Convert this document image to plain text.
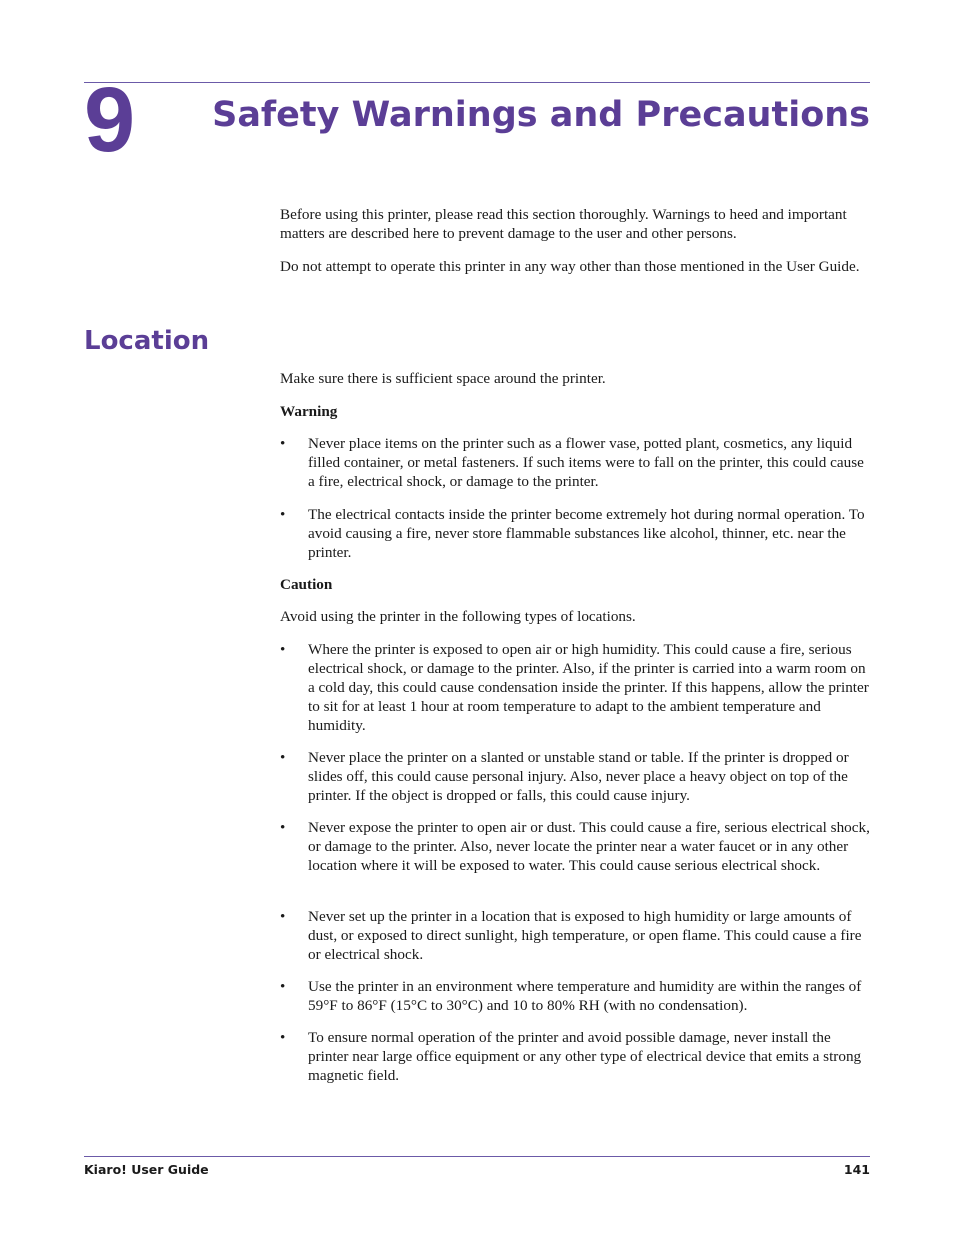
9 Safety Warnings and Precautions

Before using this printer, please read this section thoroughly. Warnings to heed and important matters are described here to prevent damage to the user and other persons.

Do not attempt to operate this printer in any way other than those mentioned in the User Guide.

Location

Make sure there is sufficient space around the printer.

Warning

• Never place items on the printer such as a flower vase, potted plant, cosmetics, any liquid filled container, or metal fasteners. If such items were to fall on the printer, this could cause a fire, electrical shock, or damage to the printer.
• The electrical contacts inside the printer become extremely hot during normal operation. To avoid causing a fire, never store flammable substances like alcohol, thinner, etc. near the printer.

Caution

Avoid using the printer in the following types of locations.

• Where the printer is exposed to open air or high humidity. This could cause a fire, serious electrical shock, or damage to the printer. Also, if the printer is carried into a warm room on a cold day, this could cause condensation inside the printer. If this happens, allow the printer to sit for at least 1 hour at room temperature to adapt to the ambient temperature and humidity.
• Never place the printer on a slanted or unstable stand or table. If the printer is dropped or slides off, this could cause personal injury. Also, never place a heavy object on top of the printer. If the object is dropped or falls, this could cause injury.
• Never expose the printer to open air or dust. This could cause a fire, serious electrical shock, or damage to the printer. Also, never locate the printer near a water faucet or in any other location where it will be exposed to water. This could cause serious electrical shock.
• Never set up the printer in a location that is exposed to high humidity or large amounts of dust, or exposed to direct sunlight, high temperature, or open flame. This could cause a fire or electrical shock.
• Use the printer in an environment where temperature and humidity are within the ranges of 59°F to 86°F (15°C to 30°C) and 10 to 80% RH (with no condensation).
• To ensure normal operation of the printer and avoid possible damage, never install the printer near large office equipment or any other type of electrical device that emits a strong magnetic field.
Kiaro! User Guide	141
